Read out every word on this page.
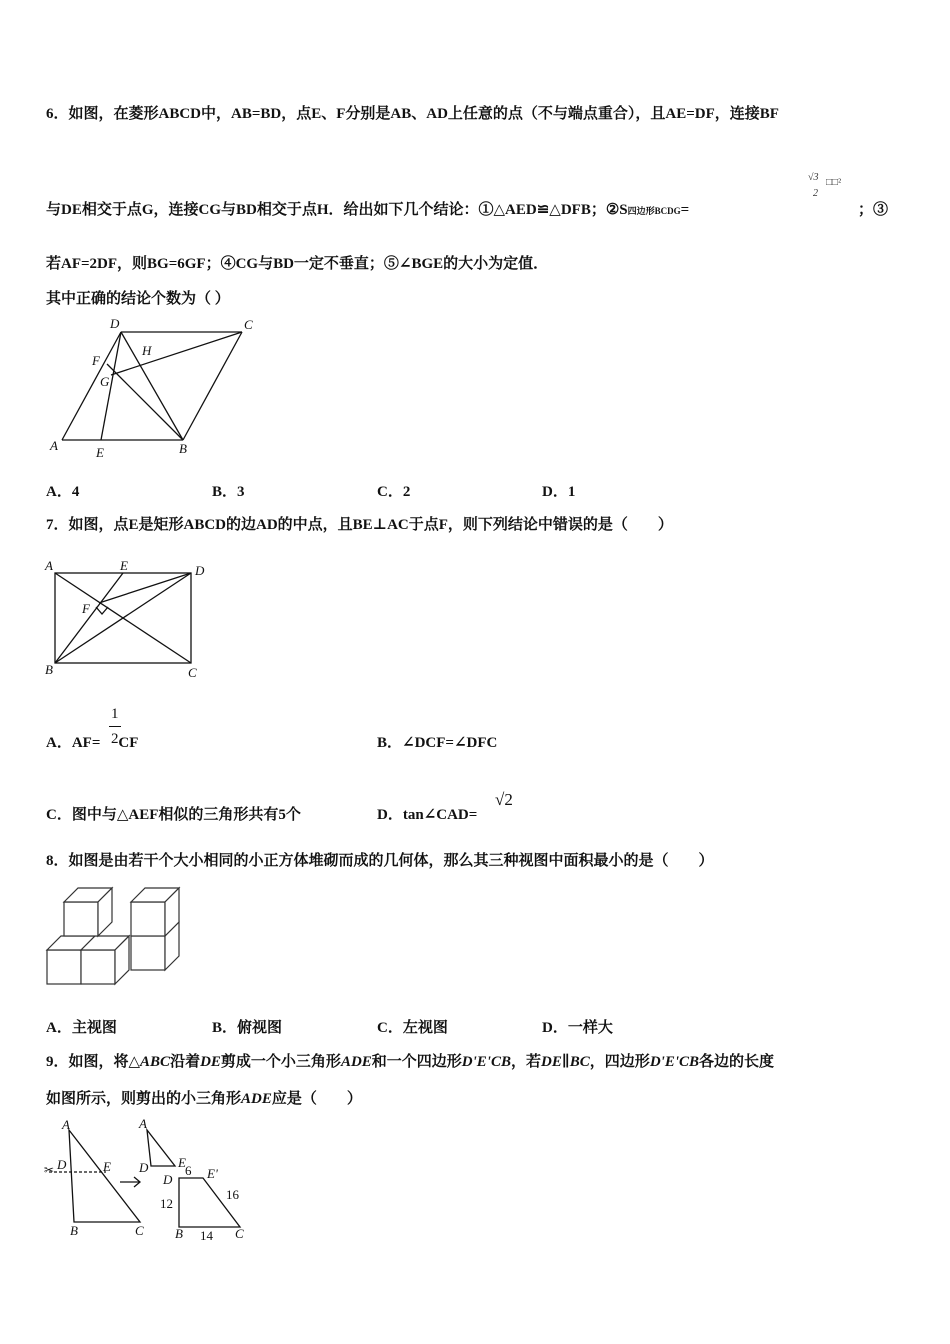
6．如图，在菱形ABCD中，AB=BD，点E、F分别是AB、AD上任意的点（不与端点重合），且AE=DF，连接BF
√3
2
□□²
与DE相交于点G，连接CG与BD相交于点H．给出如下几个结论：①△AED≌△DFB；②S四边形BCDG=	；③
若AF=2DF，则BG=6GF；④CG与BD一定不垂直；⑤∠BGE的大小为定值．
其中正确的结论个数为（ ）
A	E	B
D	C
F
G
H
A．4	B．3	C．2	D．1
7．如图，点E是矩形ABCD的边AD的中点，且BE⊥AC于点F，则下列结论中错误的是（　　）
A	E	D
F
B	C
A．AF= CF
1
2	B．∠DCF=∠DFC
C．图中与△AEF相似的三角形共有5个	D．tan∠CAD=
√2
8．如图是由若干个大小相同的小正方体堆砌而成的几何体，那么其三种视图中面积最小的是（　　）
A．主视图	B．俯视图	C．左视图	D．一样大
9．如图，将△ABC沿着DE剪成一个小三角形ADE和一个四边形D'E'CB，若DE∥BC，四边形D'E'CB各边的长度
如图所示，则剪出的小三角形ADE应是（　　）
✂
A
D	E
B	C
A
D E
D	E'
B	C
6
12
16
14
